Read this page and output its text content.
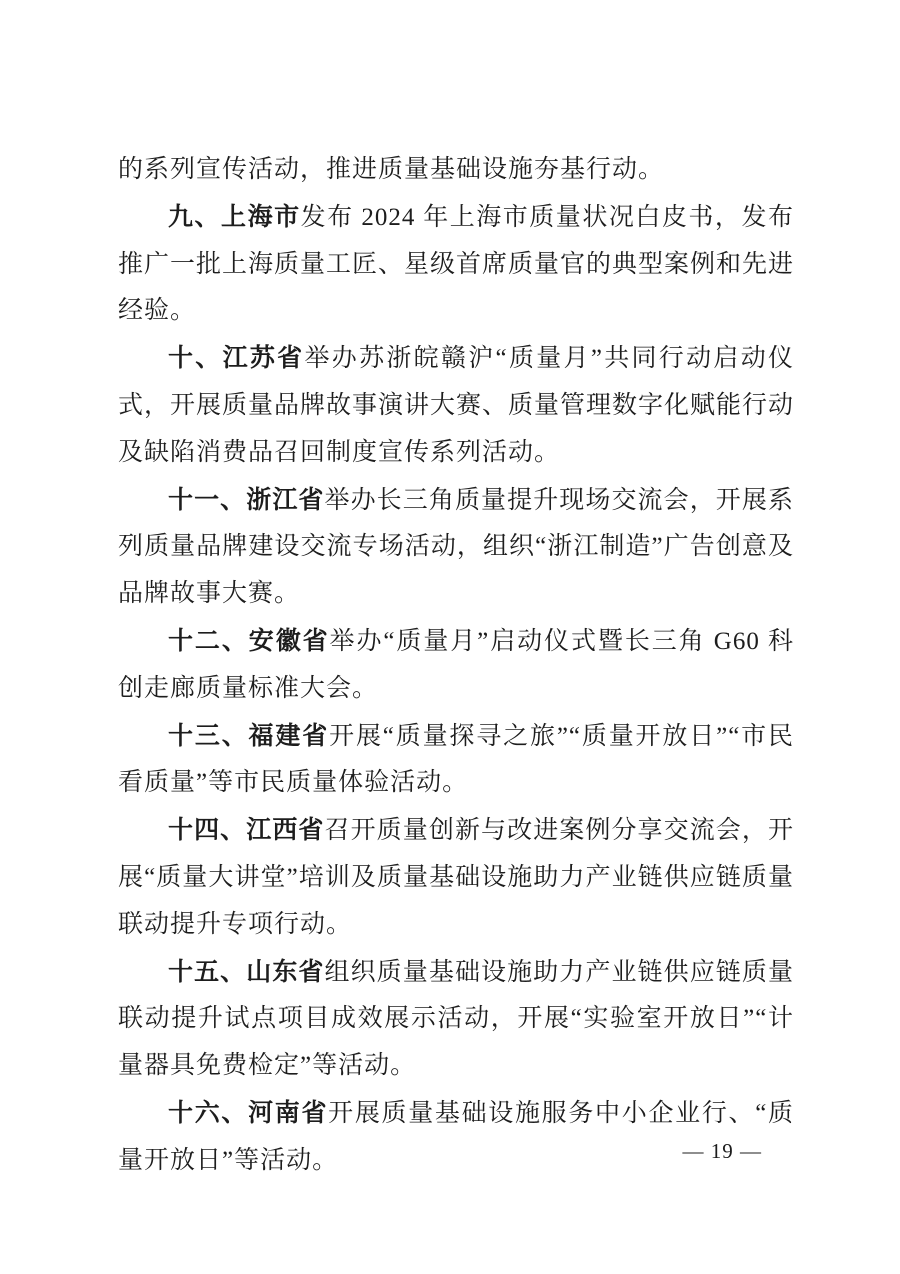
的系列宣传活动，推进质量基础设施夯基行动。

九、上海市发布 2024 年上海市质量状况白皮书，发布推广一批上海质量工匠、星级首席质量官的典型案例和先进经验。

十、江苏省举办苏浙皖赣沪“质量月”共同行动启动仪式，开展质量品牌故事演讲大赛、质量管理数字化赋能行动及缺陷消费品召回制度宣传系列活动。

十一、浙江省举办长三角质量提升现场交流会，开展系列质量品牌建设交流专场活动，组织“浙江制造”广告创意及品牌故事大赛。

十二、安徽省举办“质量月”启动仪式暨长三角 G60 科创走廊质量标准大会。

十三、福建省开展“质量探寻之旅”“质量开放日”“市民看质量”等市民质量体验活动。

十四、江西省召开质量创新与改进案例分享交流会，开展“质量大讲堂”培训及质量基础设施助力产业链供应链质量联动提升专项行动。

十五、山东省组织质量基础设施助力产业链供应链质量联动提升试点项目成效展示活动，开展“实验室开放日”“计量器具免费检定”等活动。

十六、河南省开展质量基础设施服务中小企业行、“质量开放日”等活动。	— 19 —
